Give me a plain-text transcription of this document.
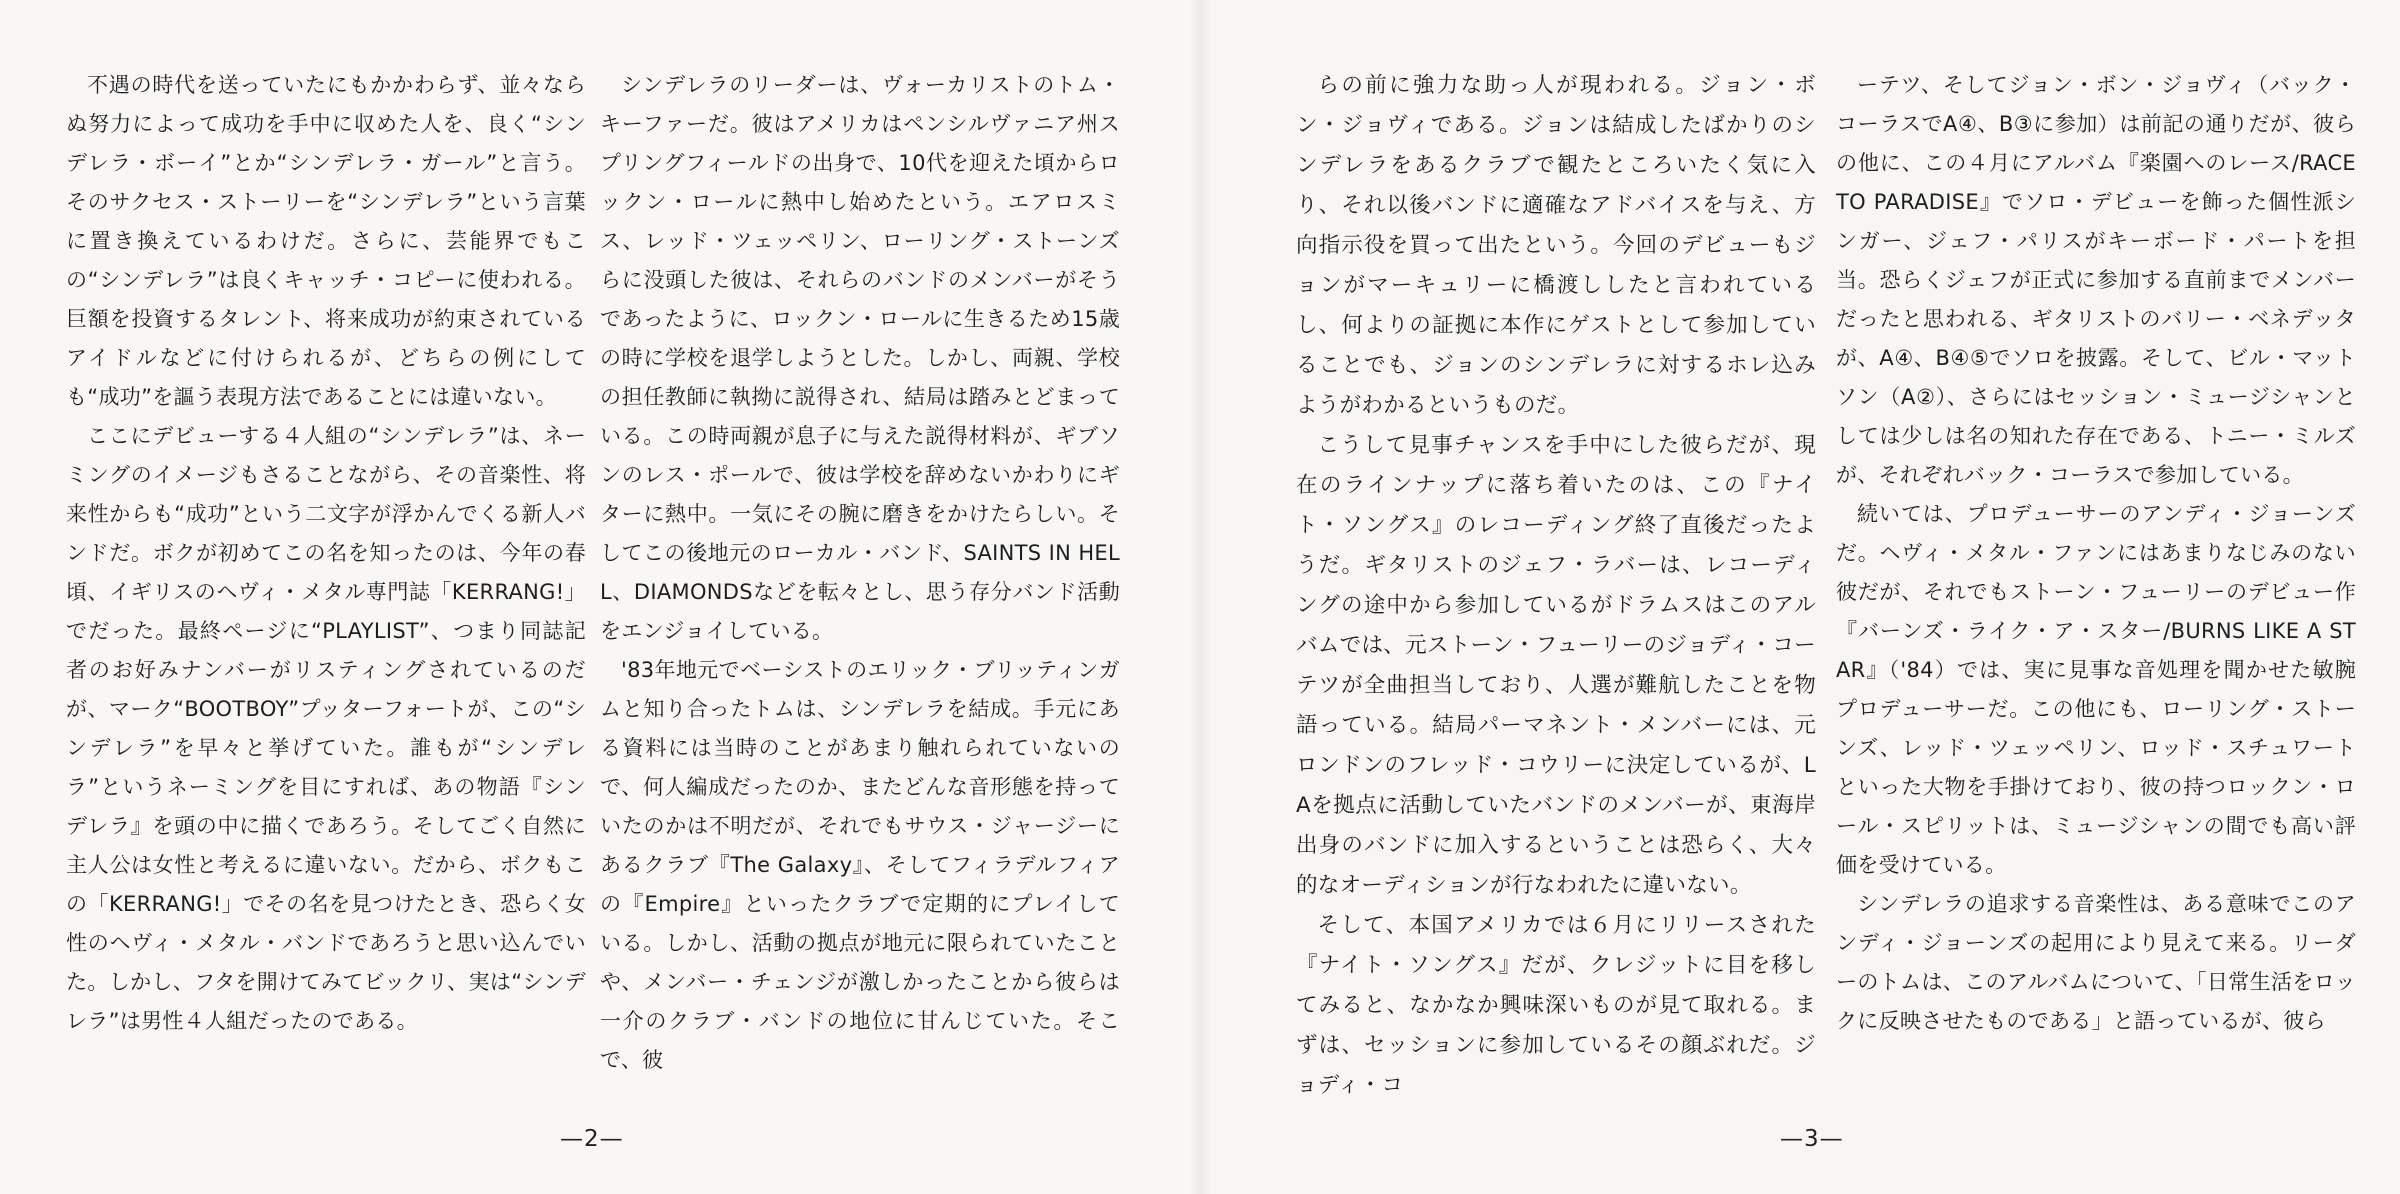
不遇の時代を送っていたにもかかわらず、並々ならぬ努力によって成功を手中に収めた人を、良く“シンデレラ・ボーイ”とか“シンデレラ・ガール”と言う。そのサクセス・ストーリーを“シンデレラ”という言葉に置き換えているわけだ。さらに、芸能界でもこの“シンデレラ”は良くキャッチ・コピーに使われる。巨額を投資するタレント、将来成功が約束されているアイドルなどに付けられるが、どちらの例にしても“成功”を謳う表現方法であることには違いない。

ここにデビューする４人組の“シンデレラ”は、ネーミングのイメージもさることながら、その音楽性、将来性からも“成功”という二文字が浮かんでくる新人バンドだ。ボクが初めてこの名を知ったのは、今年の春頃、イギリスのヘヴィ・メタル専門誌「KERRANG!」でだった。最終ページに“PLAYLIST”、つまり同誌記者のお好みナンバーがリスティングされているのだが、マーク“BOOTBOY”プッターフォートが、この“シンデレラ”を早々と挙げていた。誰もが“シンデレラ”というネーミングを目にすれば、あの物語『シンデレラ』を頭の中に描くであろう。そしてごく自然に主人公は女性と考えるに違いない。だから、ボクもこの「KERRANG!」でその名を見つけたとき、恐らく女性のヘヴィ・メタル・バンドであろうと思い込んでいた。しかし、フタを開けてみてビックリ、実は“シンデレラ”は男性４人組だったのである。

シンデレラのリーダーは、ヴォーカリストのトム・キーファーだ。彼はアメリカはペンシルヴァニア州スプリングフィールドの出身で、10代を迎えた頃からロックン・ロールに熱中し始めたという。エアロスミス、レッド・ツェッペリン、ローリング・ストーンズらに没頭した彼は、それらのバンドのメンバーがそうであったように、ロックン・ロールに生きるため15歳の時に学校を退学しようとした。しかし、両親、学校の担任教師に執拗に説得され、結局は踏みとどまっている。この時両親が息子に与えた説得材料が、ギブソンのレス・ポールで、彼は学校を辞めないかわりにギターに熱中。一気にその腕に磨きをかけたらしい。そしてこの後地元のローカル・バンド、SAINTS IN HELL、DIAMONDSなどを転々とし、思う存分バンド活動をエンジョイしている。

'83年地元でベーシストのエリック・ブリッティンガムと知り合ったトムは、シンデレラを結成。手元にある資料には当時のことがあまり触れられていないので、何人編成だったのか、またどんな音形態を持っていたのかは不明だが、それでもサウス・ジャージーにあるクラブ『The Galaxy』、そしてフィラデルフィアの『Empire』といったクラブで定期的にプレイしている。しかし、活動の拠点が地元に限られていたことや、メンバー・チェンジが激しかったことから彼らは一介のクラブ・バンドの地位に甘んじていた。そこで、彼

—2—

らの前に強力な助っ人が現われる。ジョン・ボン・ジョヴィである。ジョンは結成したばかりのシンデレラをあるクラブで観たところいたく気に入り、それ以後バンドに適確なアドバイスを与え、方向指示役を買って出たという。今回のデビューもジョンがマーキュリーに橋渡ししたと言われているし、何よりの証拠に本作にゲストとして参加していることでも、ジョンのシンデレラに対するホレ込みようがわかるというものだ。

こうして見事チャンスを手中にした彼らだが、現在のラインナップに落ち着いたのは、この『ナイト・ソングス』のレコーディング終了直後だったようだ。ギタリストのジェフ・ラバーは、レコーディングの途中から参加しているがドラムスはこのアルバムでは、元ストーン・フューリーのジョディ・コーテツが全曲担当しており、人選が難航したことを物語っている。結局パーマネント・メンバーには、元ロンドンのフレッド・コウリーに決定しているが、LAを拠点に活動していたバンドのメンバーが、東海岸出身のバンドに加入するということは恐らく、大々的なオーディションが行なわれたに違いない。

そして、本国アメリカでは６月にリリースされた『ナイト・ソングス』だが、クレジットに目を移してみると、なかなか興味深いものが見て取れる。まずは、セッションに参加しているその顔ぶれだ。ジョディ・コ

ーテツ、そしてジョン・ボン・ジョヴィ（バック・コーラスでA④、B③に参加）は前記の通りだが、彼らの他に、この４月にアルバム『楽園へのレース/RACE TO PARADISE』でソロ・デビューを飾った個性派シンガー、ジェフ・パリスがキーボード・パートを担当。恐らくジェフが正式に参加する直前までメンバーだったと思われる、ギタリストのバリー・ベネデッタが、A④、B④⑤でソロを披露。そして、ビル・マットソン（A②）、さらにはセッション・ミュージシャンとしては少しは名の知れた存在である、トニー・ミルズが、それぞれバック・コーラスで参加している。

続いては、プロデューサーのアンディ・ジョーンズだ。ヘヴィ・メタル・ファンにはあまりなじみのない彼だが、それでもストーン・フューリーのデビュー作『バーンズ・ライク・ア・スター/BURNS LIKE A STAR』（'84）では、実に見事な音処理を聞かせた敏腕プロデューサーだ。この他にも、ローリング・ストーンズ、レッド・ツェッペリン、ロッド・スチュワートといった大物を手掛けており、彼の持つロックン・ロール・スピリットは、ミュージシャンの間でも高い評価を受けている。

シンデレラの追求する音楽性は、ある意味でこのアンディ・ジョーンズの起用により見えて来る。リーダーのトムは、このアルバムについて、「日常生活をロックに反映させたものである」と語っているが、彼ら

—3—
